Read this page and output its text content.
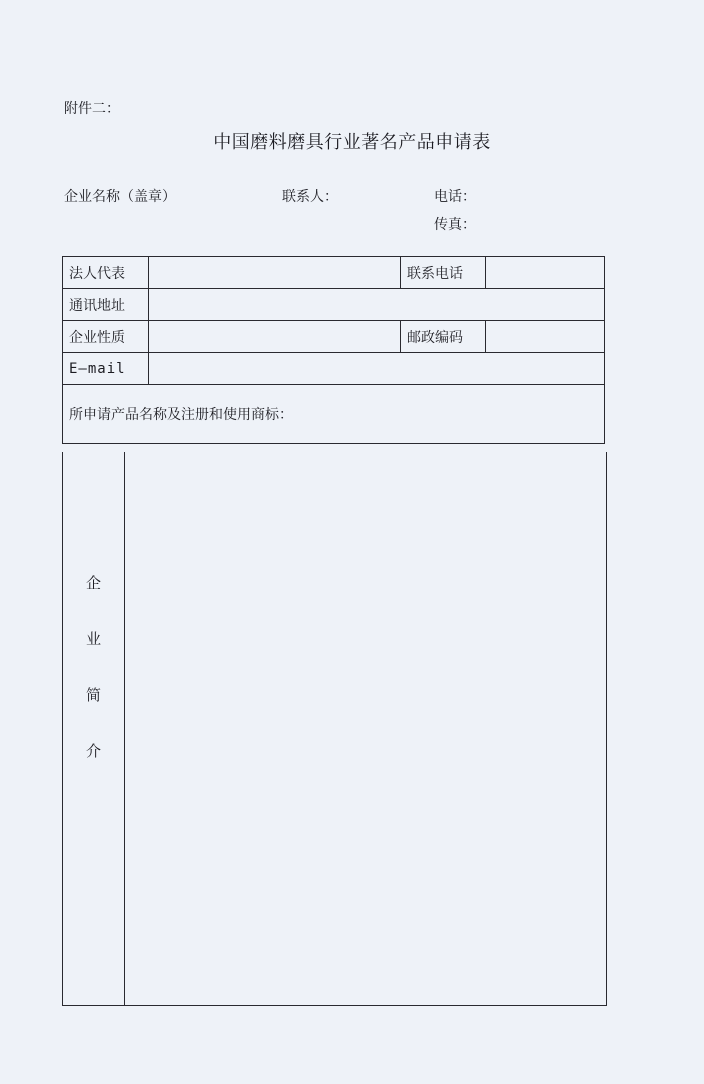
附件二：
中国磨料磨具行业著名产品申请表
企业名称（盖章）	联系人：	电话：
传真：
法人代表		联系电话	
通讯地址			
企业性质		邮政编码	
E—mail			
所申请产品名称及注册和使用商标：			
企
业
简
介
